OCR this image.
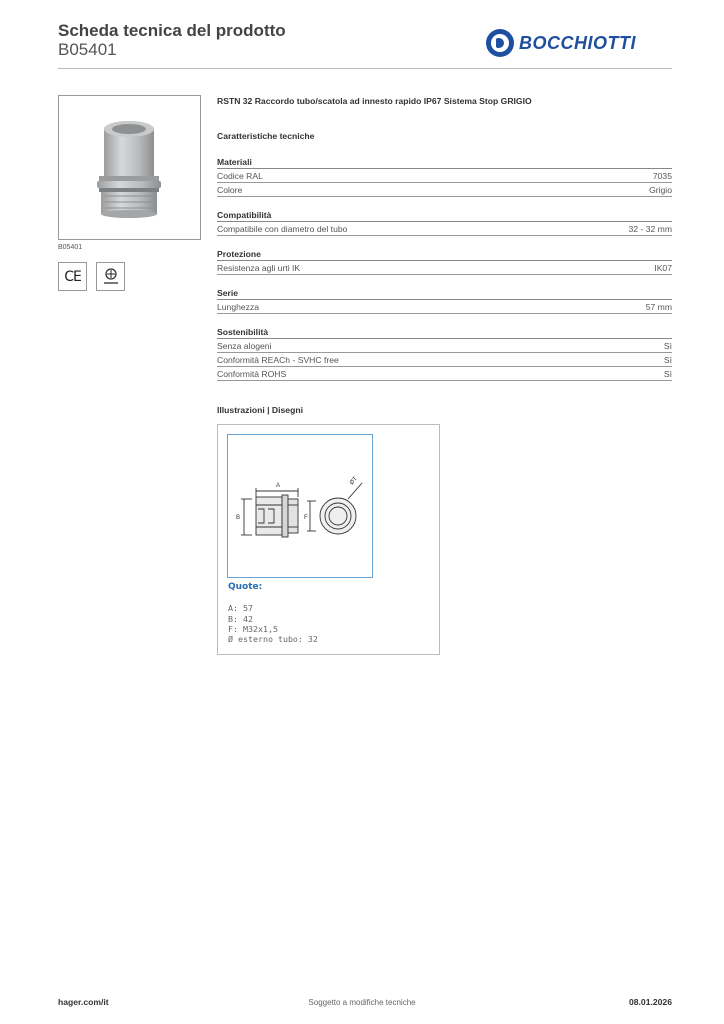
Scheda tecnica del prodotto
B05401	BOCCHIOTTI
B05401
CE
RSTN 32 Raccordo tubo/scatola ad innesto rapido IP67 Sistema Stop GRIGIO
Caratteristiche tecniche
Materiali
Codice RAL	7035
Colore	Grigio
Compatibilità
Compatibile con diametro del tubo	32 - 32 mm
Protezione
Resistenza agli urti IK	IK07
Serie
Lunghezza	57 mm
Sostenibilità
Senza alogeni	Sì
Conformità REACh - SVHC free	Sì
Conformità ROHS	Sì
Illustrazioni | Disegni
A
B	F
ØT
Quote:
A: 57
B: 42
F: M32x1,5
Ø esterno tubo: 32
hager.com/it	Soggetto a modifiche tecniche	08.01.2026
